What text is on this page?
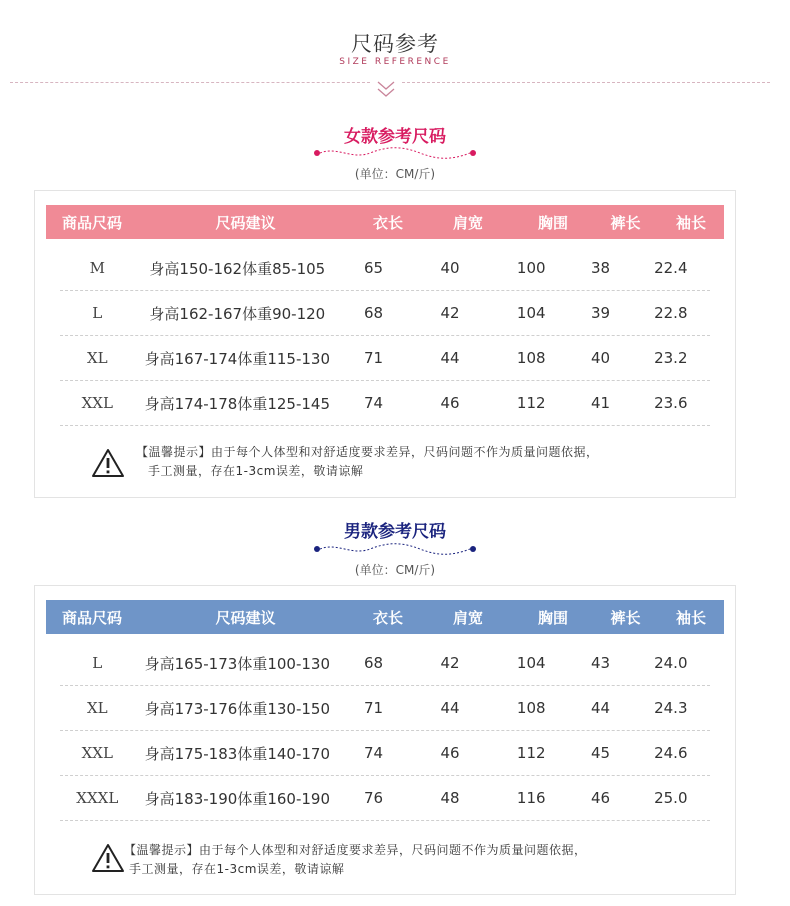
尺码参考
SIZE REFERENCE
女款参考尺码
(单位：CM/斤)
商品尺码	尺码建议	衣长	肩宽	胸围	裤长	袖长
M	身高150-162体重85-105	65	40	100	38	22.4
L	身高162-167体重90-120	68	42	104	39	22.8
XL	身高167-174体重115-130	71	44	108	40	23.2
XXL	身高174-178体重125-145	74	46	112	41	23.6
【温馨提示】由于每个人体型和对舒适度要求差异，尺码问题不作为质量问题依据，
手工测量，存在1-3cm误差，敬请谅解
男款参考尺码
(单位：CM/斤)
商品尺码	尺码建议	衣长	肩宽	胸围	裤长	袖长
L	身高165-173体重100-130	68	42	104	43	24.0
XL	身高173-176体重130-150	71	44	108	44	24.3
XXL	身高175-183体重140-170	74	46	112	45	24.6
XXXL	身高183-190体重160-190	76	48	116	46	25.0
【温馨提示】由于每个人体型和对舒适度要求差异，尺码问题不作为质量问题依据，
手工测量，存在1-3cm误差，敬请谅解
